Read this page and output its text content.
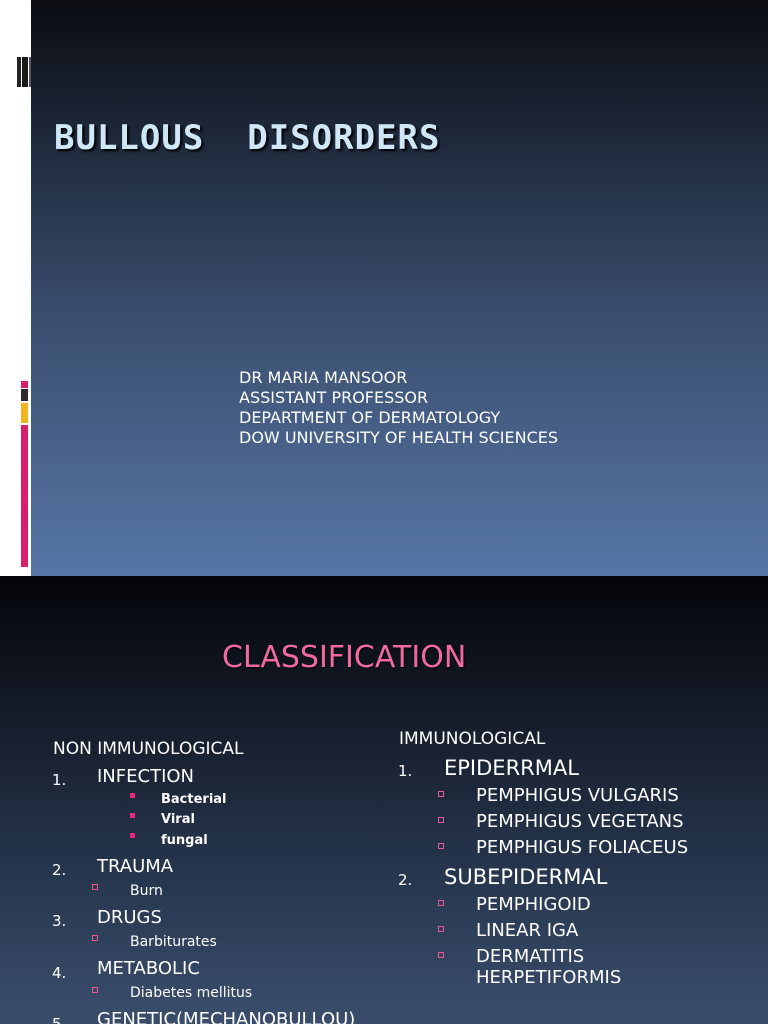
BULLOUS  DISORDERS
DR MARIA MANSOOR
ASSISTANT PROFESSOR
DEPARTMENT OF DERMATOLOGY
DOW UNIVERSITY OF HEALTH SCIENCES
CLASSIFICATION
NON IMMUNOLOGICAL
1. INFECTION
Bacterial
Viral
fungal
2. TRAUMA
Burn
3. DRUGS
Barbiturates
4. METABOLIC
Diabetes mellitus
5. GENETIC(MECHANOBULLOU)
IMMUNOLOGICAL
1. EPIDERRMAL
PEMPHIGUS VULGARIS
PEMPHIGUS VEGETANS
PEMPHIGUS FOLIACEUS
2. SUBEPIDERMAL
PEMPHIGOID
LINEAR IGA
DERMATITIS
HERPETIFORMIS
